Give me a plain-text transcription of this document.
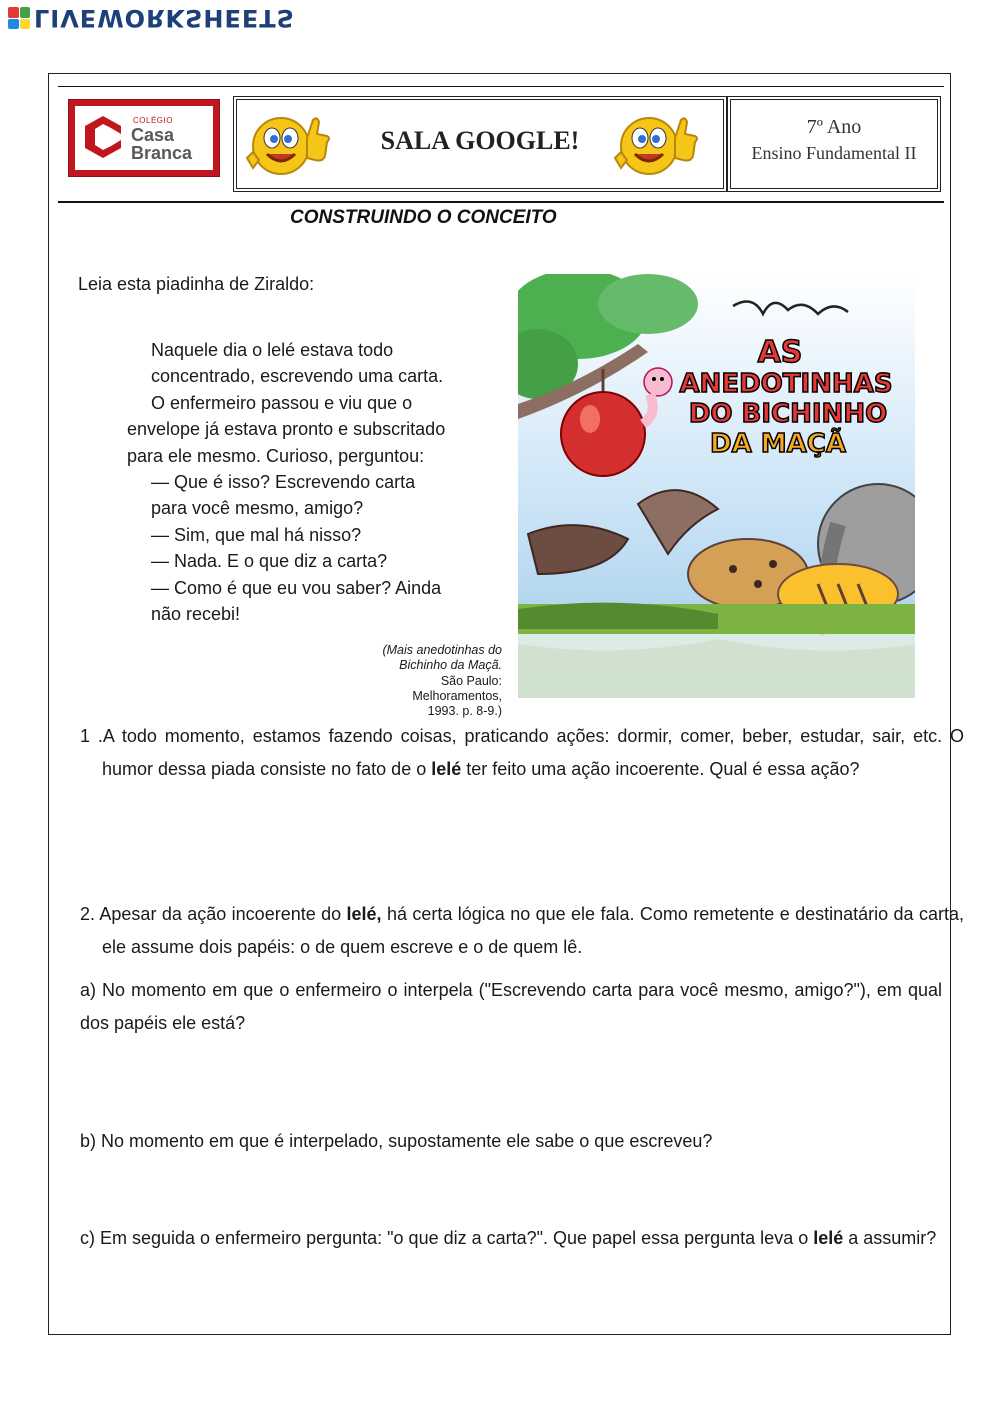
LIVEWORKSHEETS
COLÉGIO
Casa
Branca	SALA GOOGLE!	7º Ano
Ensino Fundamental II
CONSTRUINDO O CONCEITO
Leia esta piadinha de Ziraldo:
Naquele dia o lelé estava todo
concentrado, escrevendo uma carta.
O enfermeiro passou e viu que o
envelope já estava pronto e subscritado
para ele mesmo. Curioso, perguntou:
— Que é isso? Escrevendo carta
para você mesmo, amigo?
— Sim, que mal há nisso?
— Nada. E o que diz a carta?
— Como é que eu vou saber? Ainda
não recebi!
(Mais anedotinhas do
Bichinho da Maçã.
São Paulo:
Melhoramentos,
1993. p. 8-9.)
AS
ANEDOTINHAS
DO BICHINHO
DA MAÇÃ
1 .A todo momento, estamos fazendo coisas, praticando ações: dormir, comer, beber, estudar, sair, etc. O humor dessa piada consiste no fato de o lelé ter feito uma ação incoerente. Qual é essa ação?
2. Apesar da ação incoerente do lelé, há certa lógica no que ele fala. Como remetente e destinatário da carta, ele assume dois papéis: o de quem escreve e o de quem lê.
a) No momento em que o enfermeiro o interpela ("Escrevendo carta para você mesmo, amigo?"), em qual dos papéis ele está?
b) No momento em que é interpelado, supostamente ele sabe o que escreveu?
c) Em seguida o enfermeiro pergunta: "o que diz a carta?". Que papel essa pergunta leva o lelé a assumir?
